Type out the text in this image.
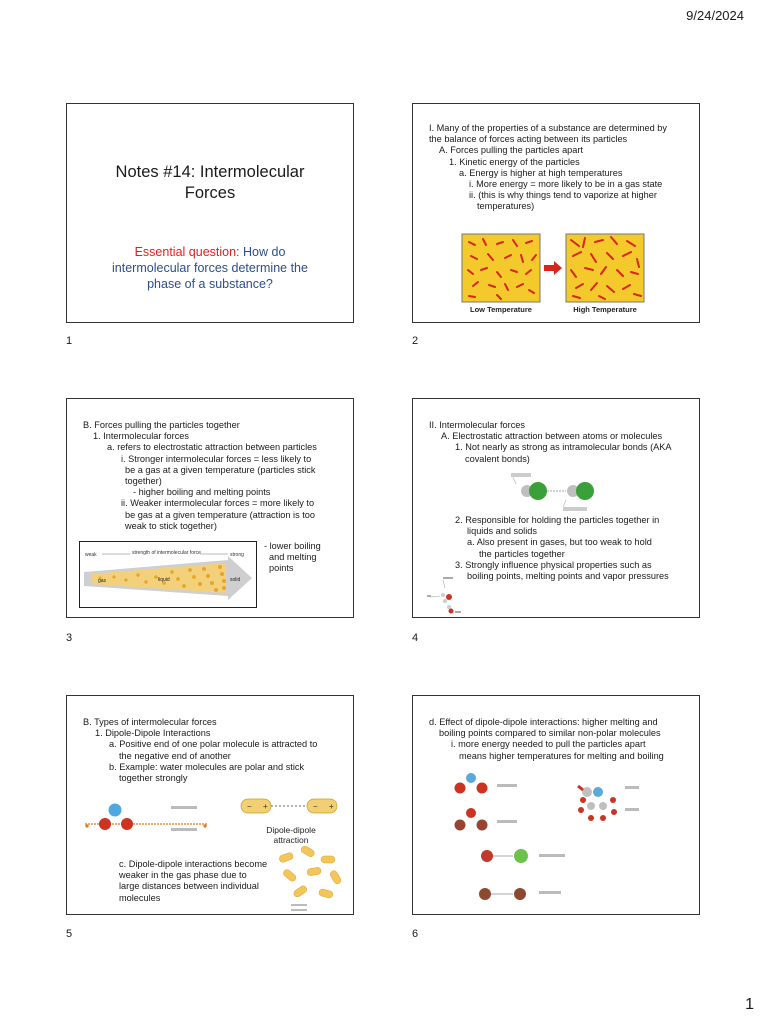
9/24/2024
Notes #14: Intermolecular
Forces
Essential question: How do
intermolecular forces determine the
phase of a substance?
1
I. Many of the properties of a substance are determined by
the balance of forces acting between its particles
A. Forces pulling the particles apart
1. Kinetic energy of the particles
a. Energy is higher at high temperatures
i. More energy = more likely to be in a gas state
ii. (this is why things tend to vaporize at higher
temperatures)
Low Temperature	High Temperature
2
B. Forces pulling the particles together
1. Intermolecular forces
a. refers to electrostatic attraction between particles
i. Stronger intermolecular forces = less likely to
be a gas at a given temperature (particles stick
together)
- higher boiling and melting points
ii. Weaker intermolecular forces = more likely to
be gas at a given temperature (attraction is too
weak to stick together)
weak	strength of intermolecular force	strong
gas	liquid	solid
- lower boiling
and melting
points
3
II. Intermolecular forces
A. Electrostatic attraction between atoms or molecules
1. Not nearly as strong as intramolecular bonds (AKA
covalent bonds)
2. Responsible for holding the particles together in
liquids and solids
a. Also present in gases, but too weak to hold
the particles together
3. Strongly influence physical properties such as
boiling points, melting points and vapor pressures
4
B. Types of intermolecular forces
1. Dipole-Dipole Interactions
a. Positive end of one polar molecule is attracted to
the negative end of another
b. Example: water molecules are polar and stick
together strongly
− +	− +
Dipole-dipole
attraction
c. Dipole-dipole interactions become
weaker in the gas phase due to
large distances between individual
molecules
5
d. Effect of dipole-dipole interactions: higher melting and
boiling points compared to similar non-polar molecules
i. more energy needed to pull the particles apart
means higher temperatures for melting and boiling
6
1
